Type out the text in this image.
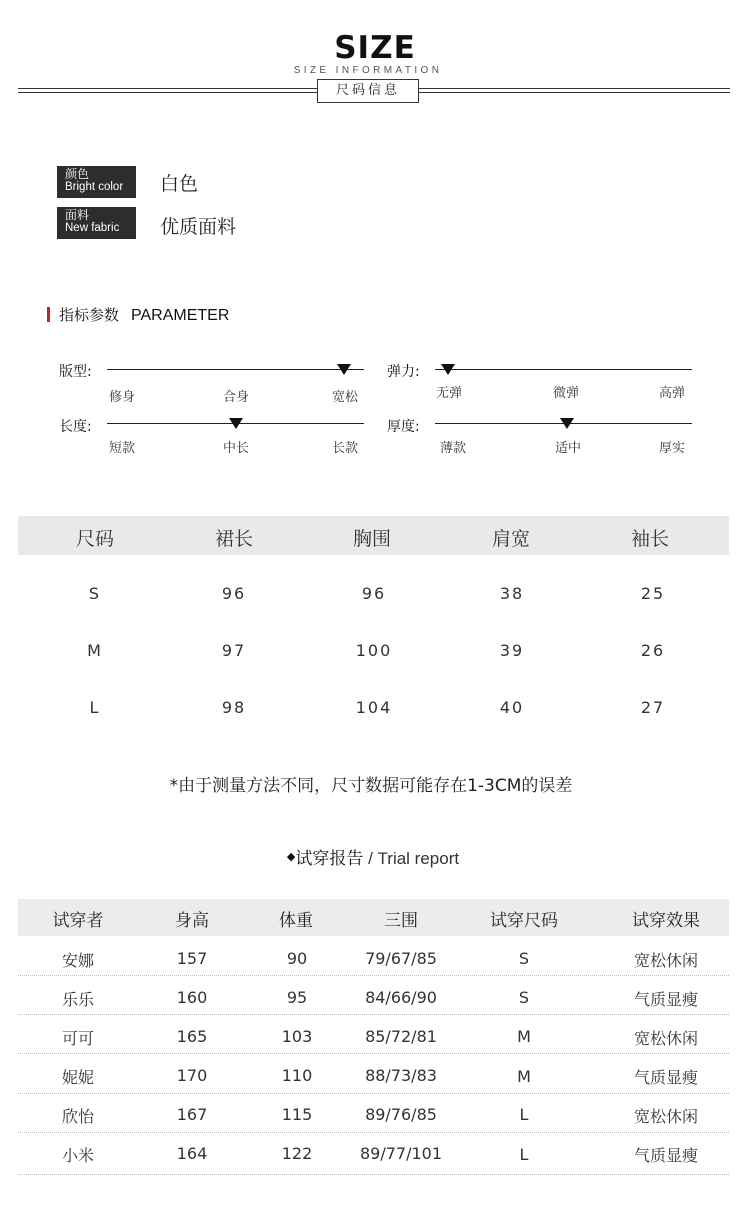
SIZE
SIZE INFORMATION
尺码信息
颜色
Bright color	白色
面料
New fabric	优质面料
指标参数 PARAMETER
版型:
修身	合身	宽松
弹力:
无弹	微弹	高弹
长度:
短款	中长	长款
厚度:
薄款	适中	厚实
尺码	裙长	胸围	肩宽	袖长
S	96	96	38	25
M	97	100	39	26
L	98	104	40	27
*由于测量方法不同，尺寸数据可能存在1-3CM的误差
◆试穿报告 / Trial report
试穿者	身高	体重	三围	试穿尺码	试穿效果
安娜	157	90	79/67/85	S	宽松休闲
乐乐	160	95	84/66/90	S	气质显瘦
可可	165	103	85/72/81	M	宽松休闲
妮妮	170	110	88/73/83	M	气质显瘦
欣怡	167	115	89/76/85	L	宽松休闲
小米	164	122	89/77/101	L	气质显瘦
